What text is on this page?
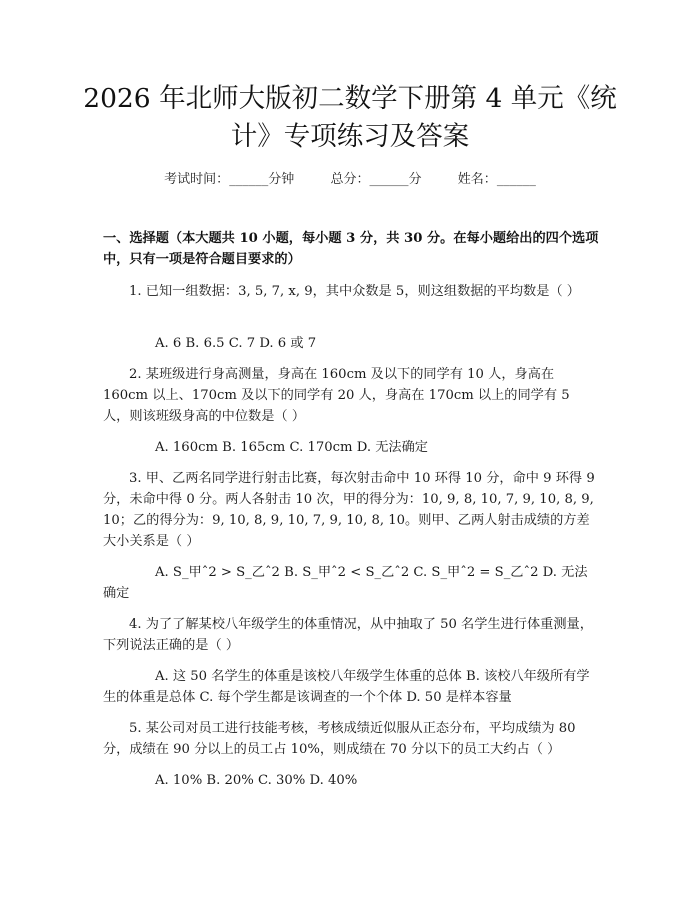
2026 年北师大版初二数学下册第 4 单元《统
计》专项练习及答案
考试时间：______分钟	总分：______分	姓名：______
一、选择题（本大题共 10 小题，每小题 3 分，共 30 分。在每小题给出的四个选项中，只有一项是符合题目要求的）
1. 已知一组数据：3, 5, 7, x, 9，其中众数是 5，则这组数据的平均数是（ ）
A. 6 B. 6.5 C. 7 D. 6 或 7
2. 某班级进行身高测量，身高在 160cm 及以下的同学有 10 人，身高在 160cm 以上、170cm 及以下的同学有 20 人，身高在 170cm 以上的同学有 5 人，则该班级身高的中位数是（ ）
A. 160cm B. 165cm C. 170cm D. 无法确定
3. 甲、乙两名同学进行射击比赛，每次射击命中 10 环得 10 分，命中 9 环得 9 分，未命中得 0 分。两人各射击 10 次，甲的得分为：10, 9, 8, 10, 7, 9, 10, 8, 9, 10；乙的得分为：9, 10, 8, 9, 10, 7, 9, 10, 8, 10。则甲、乙两人射击成绩的方差大小关系是（ ）
A. S_甲ˆ2 > S_乙ˆ2 B. S_甲ˆ2 < S_乙ˆ2 C. S_甲ˆ2 = S_乙ˆ2 D. 无法确定
4. 为了了解某校八年级学生的体重情况，从中抽取了 50 名学生进行体重测量，下列说法正确的是（ ）
A. 这 50 名学生的体重是该校八年级学生体重的总体 B. 该校八年级所有学生的体重是总体 C. 每个学生都是该调查的一个个体 D. 50 是样本容量
5. 某公司对员工进行技能考核，考核成绩近似服从正态分布，平均成绩为 80 分，成绩在 90 分以上的员工占 10%，则成绩在 70 分以下的员工大约占（ ）
A. 10% B. 20% C. 30% D. 40%
